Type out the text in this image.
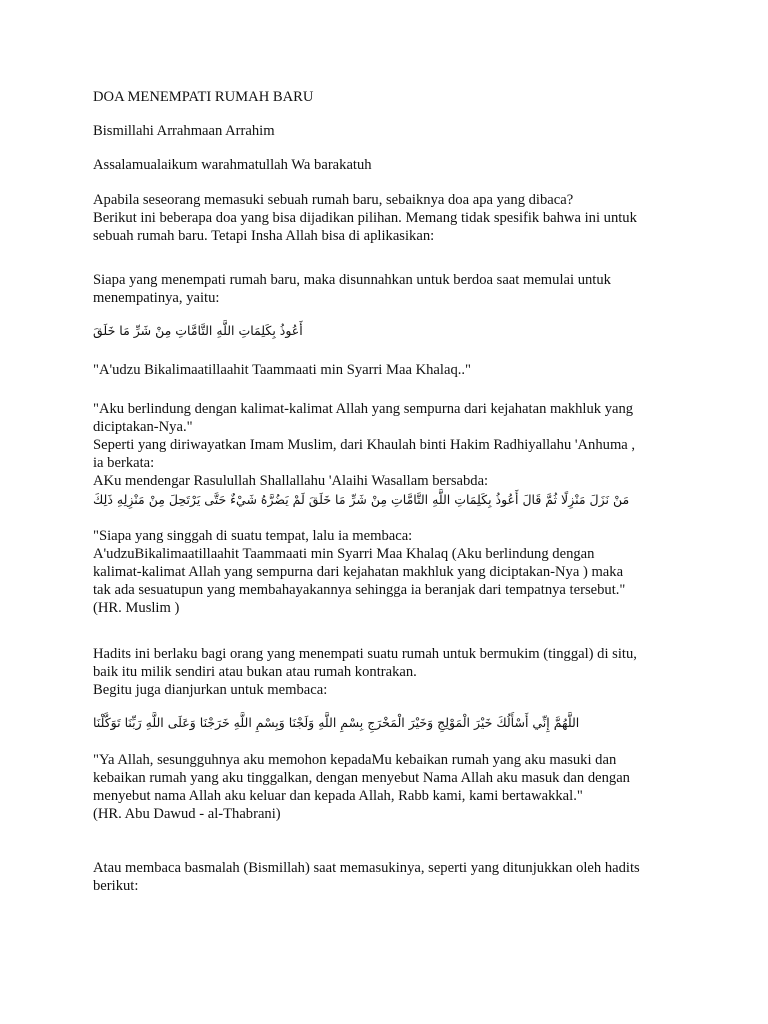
DOA MENEMPATI RUMAH BARU
Bismillahi Arrahmaan Arrahim
Assalamualaikum warahmatullah Wa barakatuh
Apabila seseorang memasuki sebuah rumah baru, sebaiknya doa apa yang dibaca?
Berikut ini beberapa doa yang bisa dijadikan pilihan. Memang tidak spesifik bahwa ini untuk
sebuah rumah baru. Tetapi Insha Allah bisa di aplikasikan:
Siapa yang menempati rumah baru, maka disunnahkan untuk berdoa saat memulai untuk
menempatinya, yaitu:
أَعُوذُ بِكَلِمَاتِ اللَّهِ التَّامَّاتِ مِنْ شَرِّ مَا خَلَقَ
"A'udzu Bikalimaatillaahit Taammaati min Syarri Maa Khalaq.."
"Aku berlindung dengan kalimat-kalimat Allah yang sempurna dari kejahatan makhluk yang
diciptakan-Nya."
Seperti yang diriwayatkan Imam Muslim, dari Khaulah binti Hakim Radhiyallahu 'Anhuma ,
ia berkata:
AKu mendengar Rasulullah Shallallahu 'Alaihi Wasallam bersabda:
مَنْ نَزَلَ مَنْزِلًا ثُمَّ قَالَ أَعُوذُ بِكَلِمَاتِ اللَّهِ التَّامَّاتِ مِنْ شَرِّ مَا خَلَقَ لَمْ يَضُرَّهُ شَيْءٌ حَتَّى يَرْتَحِلَ مِنْ مَنْزِلِهِ ذَلِكَ
"Siapa yang singgah di suatu tempat, lalu ia membaca:
A'udzuBikalimaatillaahit Taammaati min Syarri Maa Khalaq (Aku berlindung dengan
kalimat-kalimat Allah yang sempurna dari kejahatan makhluk yang diciptakan-Nya ) maka
tak ada sesuatupun yang membahayakannya sehingga ia beranjak dari tempatnya tersebut."
(HR. Muslim )
Hadits ini berlaku bagi orang yang menempati suatu rumah untuk bermukim (tinggal) di situ,
baik itu milik sendiri atau bukan atau rumah kontrakan.
Begitu juga dianjurkan untuk membaca:
اللَّهُمَّ إِنِّي أَسْأَلُكَ خَيْرَ الْمَوْلِجِ وَخَيْرَ الْمَخْرَجِ بِسْمِ اللَّهِ وَلَجْنَا وَبِسْمِ اللَّهِ خَرَجْنَا وَعَلَى اللَّهِ رَبِّنَا تَوَكَّلْنَا
"Ya Allah, sesungguhnya aku memohon kepadaMu kebaikan rumah yang aku masuki dan
kebaikan rumah yang aku tinggalkan, dengan menyebut Nama Allah aku masuk dan dengan
menyebut nama Allah aku keluar dan kepada Allah, Rabb kami, kami bertawakkal."
(HR. Abu Dawud - al-Thabrani)
Atau membaca basmalah (Bismillah) saat memasukinya, seperti yang ditunjukkan oleh hadits
berikut:
